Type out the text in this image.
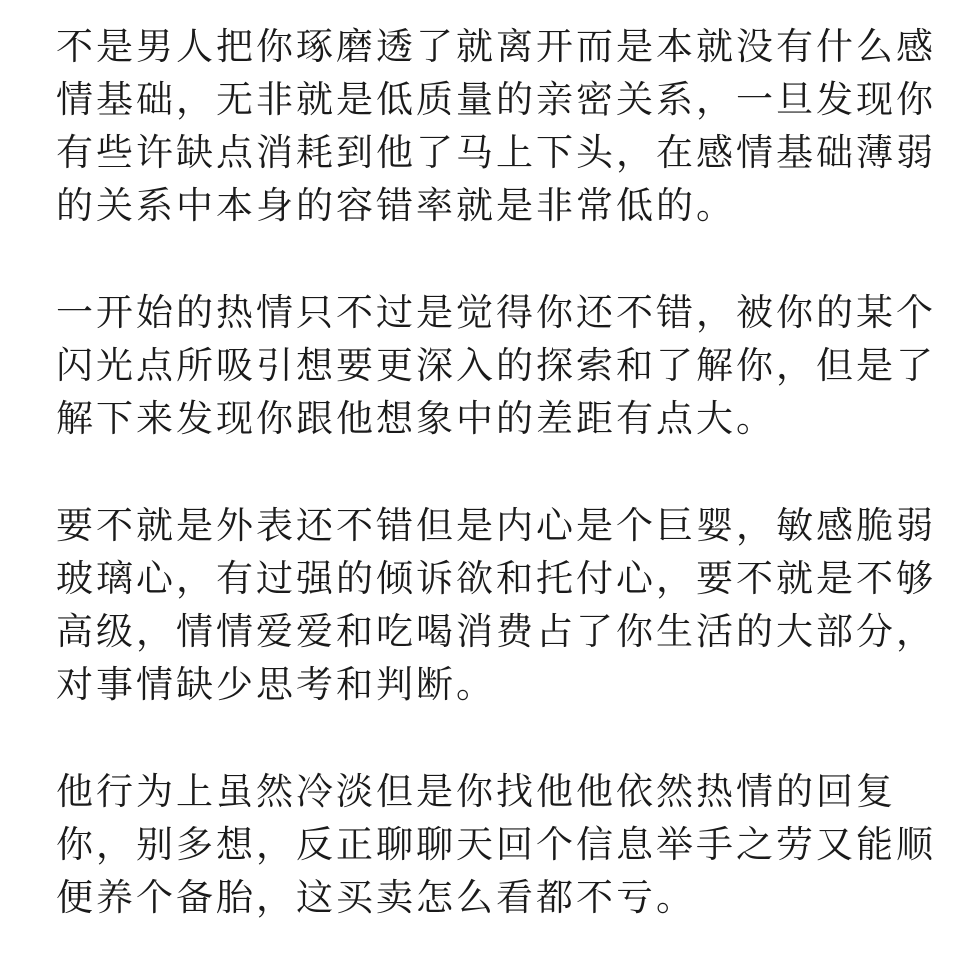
不是男人把你琢磨透了就离开而是本就没有什么感
情基础，无非就是低质量的亲密关系，一旦发现你
有些许缺点消耗到他了马上下头，在感情基础薄弱
的关系中本身的容错率就是非常低的。

一开始的热情只不过是觉得你还不错，被你的某个
闪光点所吸引想要更深入的探索和了解你，但是了
解下来发现你跟他想象中的差距有点大。

要不就是外表还不错但是内心是个巨婴，敏感脆弱
玻璃心，有过强的倾诉欲和托付心，要不就是不够
高级，情情爱爱和吃喝消费占了你生活的大部分，
对事情缺少思考和判断。

他行为上虽然冷淡但是你找他他依然热情的回复
你，别多想，反正聊聊天回个信息举手之劳又能顺
便养个备胎，这买卖怎么看都不亏。
